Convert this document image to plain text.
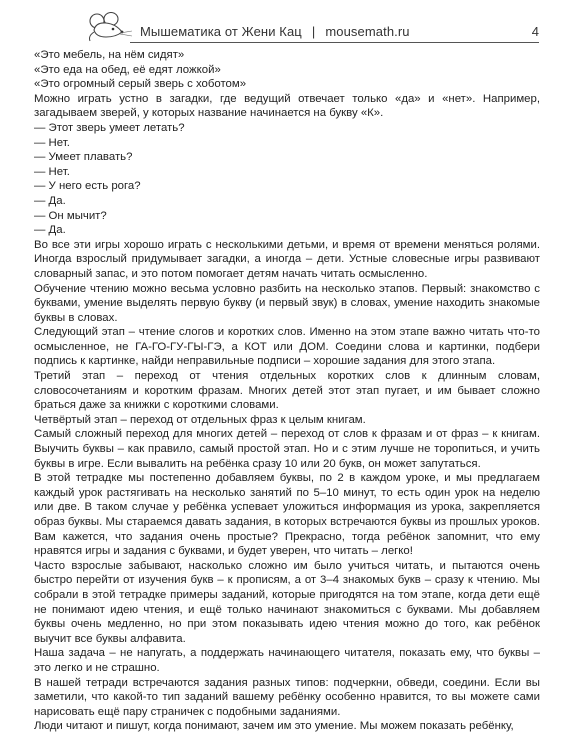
Мышематика от Жени Кац | mousemath.ru	4

«Это мебель, на нём сидят»

«Это еда на обед, её едят ложкой»

«Это огромный серый зверь с хоботом»

Можно играть устно в загадки, где ведущий отвечает только «да» и «нет». Например, загадываем зверей, у которых название начинается на букву «К».

— Этот зверь умеет летать?

— Нет.

— Умеет плавать?

— Нет.

— У него есть рога?

— Да.

— Он мычит?

— Да.

Во все эти игры хорошо играть с несколькими детьми, и время от времени меняться ролями. Иногда взрослый придумывает загадки, а иногда – дети. Устные словесные игры развивают словарный запас, и это потом помогает детям начать читать осмысленно.

Обучение чтению можно весьма условно разбить на несколько этапов. Первый: знакомство с буквами, умение выделять первую букву (и первый звук) в словах, умение находить знакомые буквы в словах.

Следующий этап – чтение слогов и коротких слов. Именно на этом этапе важно читать что-то осмысленное, не ГА-ГО-ГУ-ГЫ-ГЭ, а КОТ или ДОМ. Соедини слова и картинки, подбери подпись к картинке, найди неправильные подписи – хорошие задания для этого этапа.

Третий этап – переход от чтения отдельных коротких слов к длинным словам, словосочетаниям и коротким фразам. Многих детей этот этап пугает, и им бывает сложно браться даже за книжки с короткими словами.

Четвёртый этап – переход от отдельных фраз к целым книгам.

Самый сложный переход для многих детей – переход от слов к фразам и от фраз – к книгам. Выучить буквы – как правило, самый простой этап. Но и с этим лучше не торопиться, и учить буквы в игре. Если вывалить на ребёнка сразу 10 или 20 букв, он может запутаться.

В этой тетрадке мы постепенно добавляем буквы, по 2 в каждом уроке, и мы предлагаем каждый урок растягивать на несколько занятий по 5–10 минут, то есть один урок на неделю или две. В таком случае у ребёнка успевает уложиться информация из урока, закрепляется образ буквы. Мы стараемся давать задания, в которых встречаются буквы из прошлых уроков. Вам кажется, что задания очень простые? Прекрасно, тогда ребёнок запомнит, что ему нравятся игры и задания с буквами, и будет уверен, что читать – легко!

Часто взрослые забывают, насколько сложно им было учиться читать, и пытаются очень быстро перейти от изучения букв – к прописям, а от 3–4 знакомых букв – сразу к чтению. Мы собрали в этой тетрадке примеры заданий, которые пригодятся на том этапе, когда дети ещё не понимают идею чтения, и ещё только начинают знакомиться с буквами. Мы добавляем буквы очень медленно, но при этом показывать идею чтения можно до того, как ребёнок выучит все буквы алфавита.

Наша задача – не напугать, а поддержать начинающего читателя, показать ему, что буквы – это легко и не страшно.

В нашей тетради встречаются задания разных типов: подчеркни, обведи, соедини. Если вы заметили, что какой-то тип заданий вашему ребёнку особенно нравится, то вы можете сами нарисовать ещё пару страничек с подобными заданиями.

Люди читают и пишут, когда понимают, зачем им это умение. Мы можем показать ребёнку,
